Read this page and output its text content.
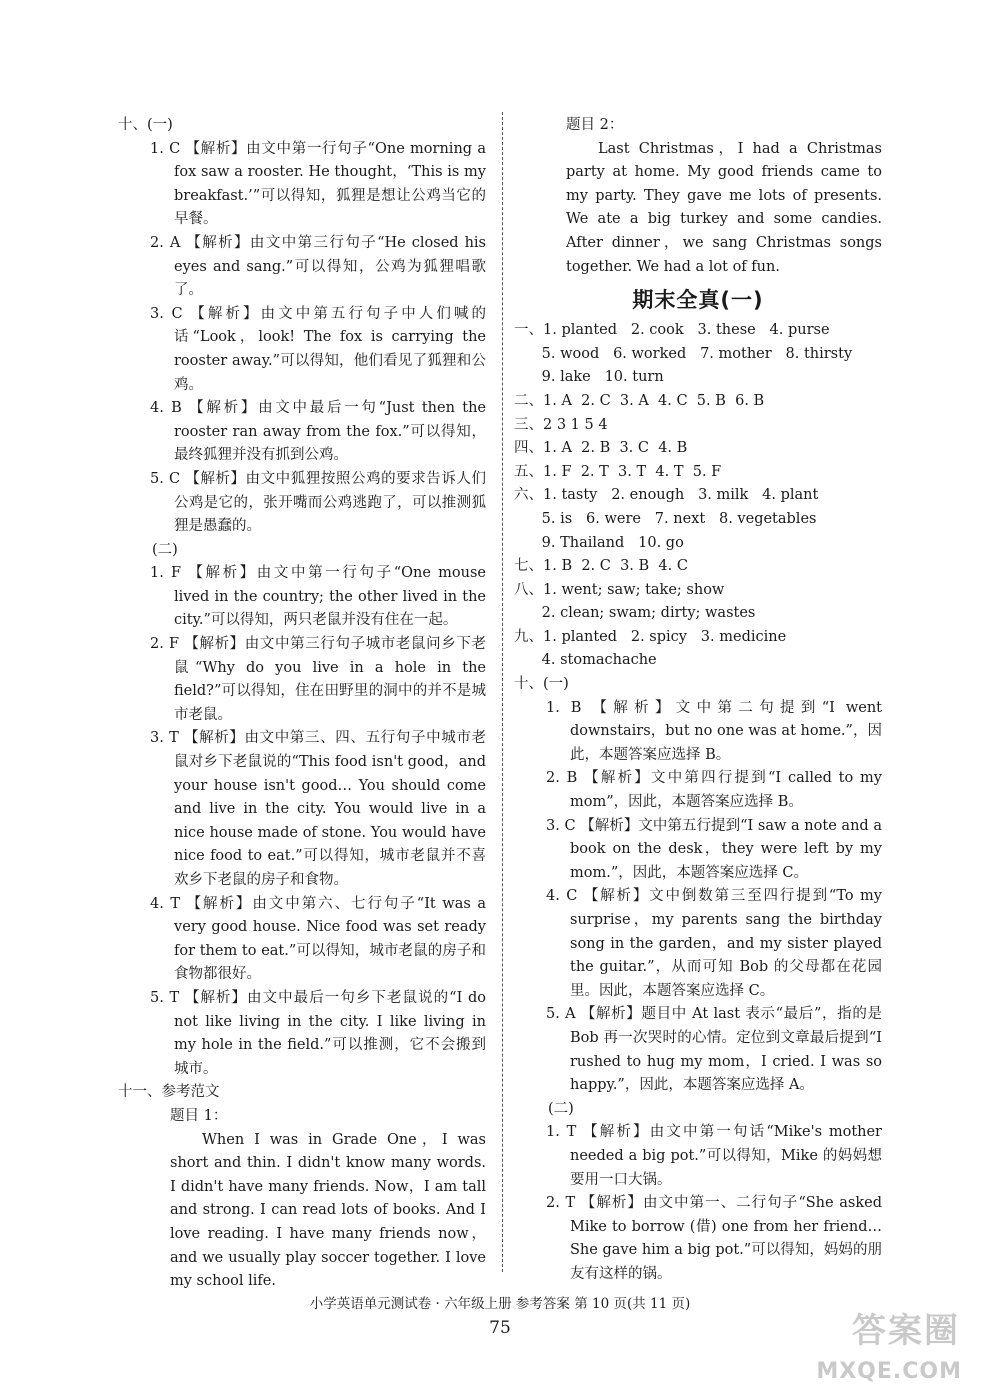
十、(一)
1. C 【解析】由文中第一行句子“One morning a fox saw a rooster. He thought，‘This is my breakfast.’”可以得知，狐狸是想让公鸡当它的早餐。
2. A 【解析】由文中第三行句子“He closed his eyes and sang.”可以得知，公鸡为狐狸唱歌了。
3. C 【解析】由文中第五行句子中人们喊的话“Look，look! The fox is carrying the rooster away.”可以得知，他们看见了狐狸和公鸡。
4. B 【解析】由文中最后一句“Just then the rooster ran away from the fox.”可以得知，最终狐狸并没有抓到公鸡。
5. C 【解析】由文中狐狸按照公鸡的要求告诉人们公鸡是它的，张开嘴而公鸡逃跑了，可以推测狐狸是愚蠢的。
(二)
1. F 【解析】由文中第一行句子“One mouse lived in the country; the other lived in the city.”可以得知，两只老鼠并没有住在一起。
2. F 【解析】由文中第三行句子城市老鼠问乡下老鼠“Why do you live in a hole in the field?”可以得知，住在田野里的洞中的并不是城市老鼠。
3. T 【解析】由文中第三、四、五行句子中城市老鼠对乡下老鼠说的“This food isn't good，and your house isn't good… You should come and live in the city. You would live in a nice house made of stone. You would have nice food to eat.”可以得知，城市老鼠并不喜欢乡下老鼠的房子和食物。
4. T 【解析】由文中第六、七行句子“It was a very good house. Nice food was set ready for them to eat.”可以得知，城市老鼠的房子和食物都很好。
5. T 【解析】由文中最后一句乡下老鼠说的“I do not like living in the city. I like living in my hole in the field.”可以推测，它不会搬到城市。
十一、参考范文
题目 1：
When I was in Grade One，I was short and thin. I didn't know many words. I didn't have many friends. Now，I am tall and strong. I can read lots of books. And I love reading. I have many friends now，and we usually play soccer together. I love my school life.
题目 2：
Last Christmas，I had a Christmas party at home. My good friends came to my party. They gave me lots of presents. We ate a big turkey and some candies. After dinner，we sang Christmas songs together. We had a lot of fun.
期末全真(一)
一、1. planted   2. cook   3. these   4. purse
5. wood   6. worked   7. mother   8. thirsty
9. lake   10. turn
二、1. A  2. C  3. A  4. C  5. B  6. B
三、2 3 1 5 4
四、1. A  2. B  3. C  4. B
五、1. F  2. T  3. T  4. T  5. F
六、1. tasty   2. enough   3. milk   4. plant
5. is   6. were   7. next   8. vegetables
9. Thailand   10. go
七、1. B  2. C  3. B  4. C
八、1. went; saw; take; show
2. clean; swam; dirty; wastes
九、1. planted   2. spicy   3. medicine
4. stomachache
十、(一)
1. B 【解析】文中第二句提到“I went downstairs，but no one was at home.”，因此，本题答案应选择 B。
2. B 【解析】文中第四行提到“I called to my mom”，因此，本题答案应选择 B。
3. C 【解析】文中第五行提到“I saw a note and a book on the desk，they were left by my mom.”，因此，本题答案应选择 C。
4. C 【解析】文中倒数第三至四行提到“To my surprise，my parents sang the birthday song in the garden，and my sister played the guitar.”，从而可知 Bob 的父母都在花园里。因此，本题答案应选择 C。
5. A 【解析】题目中 At last 表示“最后”，指的是 Bob 再一次哭时的心情。定位到文章最后提到“I rushed to hug my mom，I cried. I was so happy.”，因此，本题答案应选择 A。
(二)
1. T 【解析】由文中第一句话“Mike's mother needed a big pot.”可以得知，Mike 的妈妈想要用一口大锅。
2. T 【解析】由文中第一、二行句子“She asked Mike to borrow (借) one from her friend…She gave him a big pot.”可以得知，妈妈的朋友有这样的锅。
小学英语单元测试卷 · 六年级上册 参考答案 第 10 页(共 11 页)
75	答案圈
MXQE.COM
